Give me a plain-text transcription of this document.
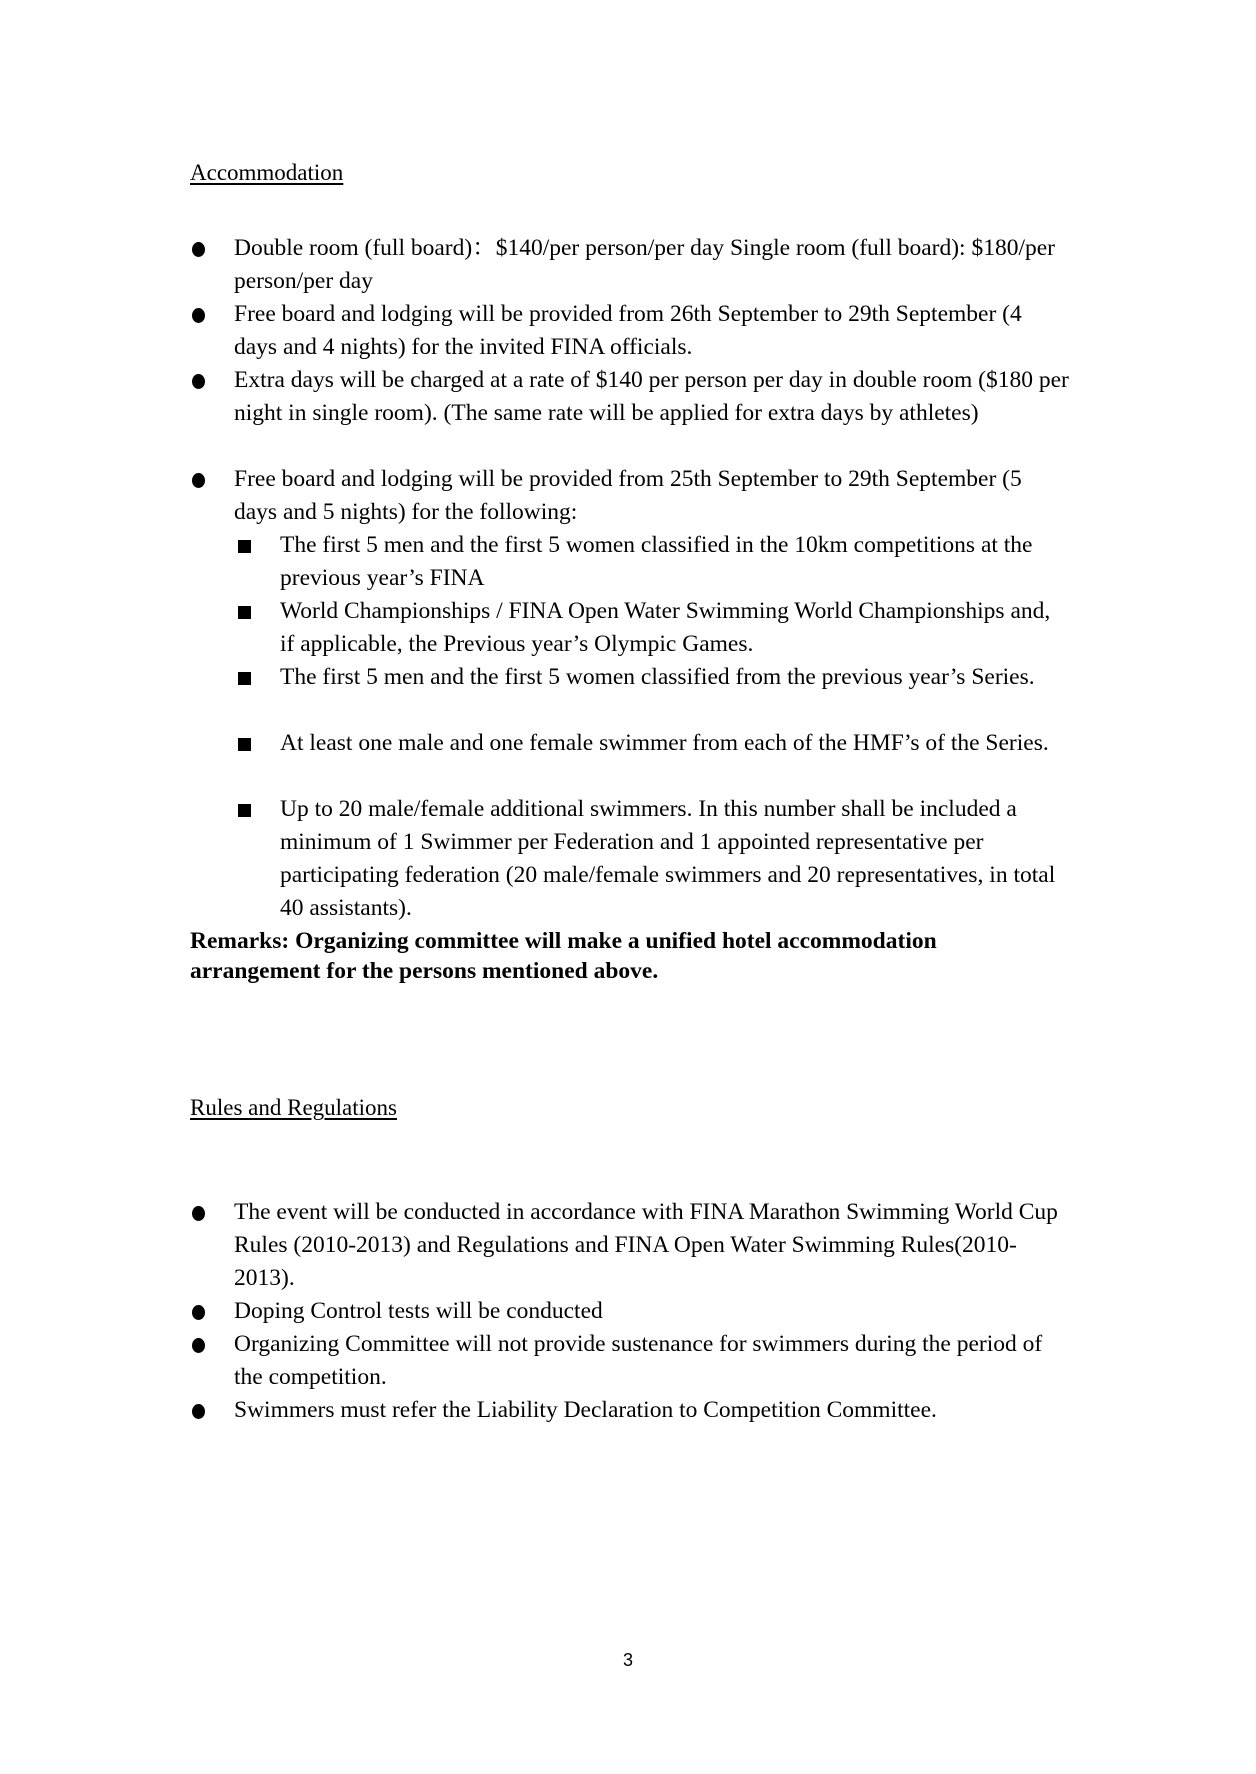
Accommodation
Double room (full board)：$140/per person/per day Single room (full board): $180/per person/per day
Free board and lodging will be provided from 26th September to 29th September (4 days and 4 nights) for the invited FINA officials.
Extra days will be charged at a rate of $140 per person per day in double room ($180 per night in single room). (The same rate will be applied for extra days by athletes)
Free board and lodging will be provided from 25th September to 29th September (5 days and 5 nights) for the following:
The first 5 men and the first 5 women classified in the 10km competitions at the previous year’s FINA
World Championships / FINA Open Water Swimming World Championships and, if applicable, the Previous year’s Olympic Games.
The first 5 men and the first 5 women classified from the previous year’s Series.
At least one male and one female swimmer from each of the HMF’s of the Series.
Up to 20 male/female additional swimmers. In this number shall be included a minimum of 1 Swimmer per Federation and 1 appointed representative per participating federation (20 male/female swimmers and 20 representatives, in total 40 assistants).
Remarks: Organizing committee will make a unified hotel accommodation arrangement for the persons mentioned above.
Rules and Regulations
The event will be conducted in accordance with FINA Marathon Swimming World Cup Rules (2010-2013) and Regulations and FINA Open Water Swimming Rules(2010-2013).
Doping Control tests will be conducted
Organizing Committee will not provide sustenance for swimmers during the period of the competition.
Swimmers must refer the Liability Declaration to Competition Committee.
3
